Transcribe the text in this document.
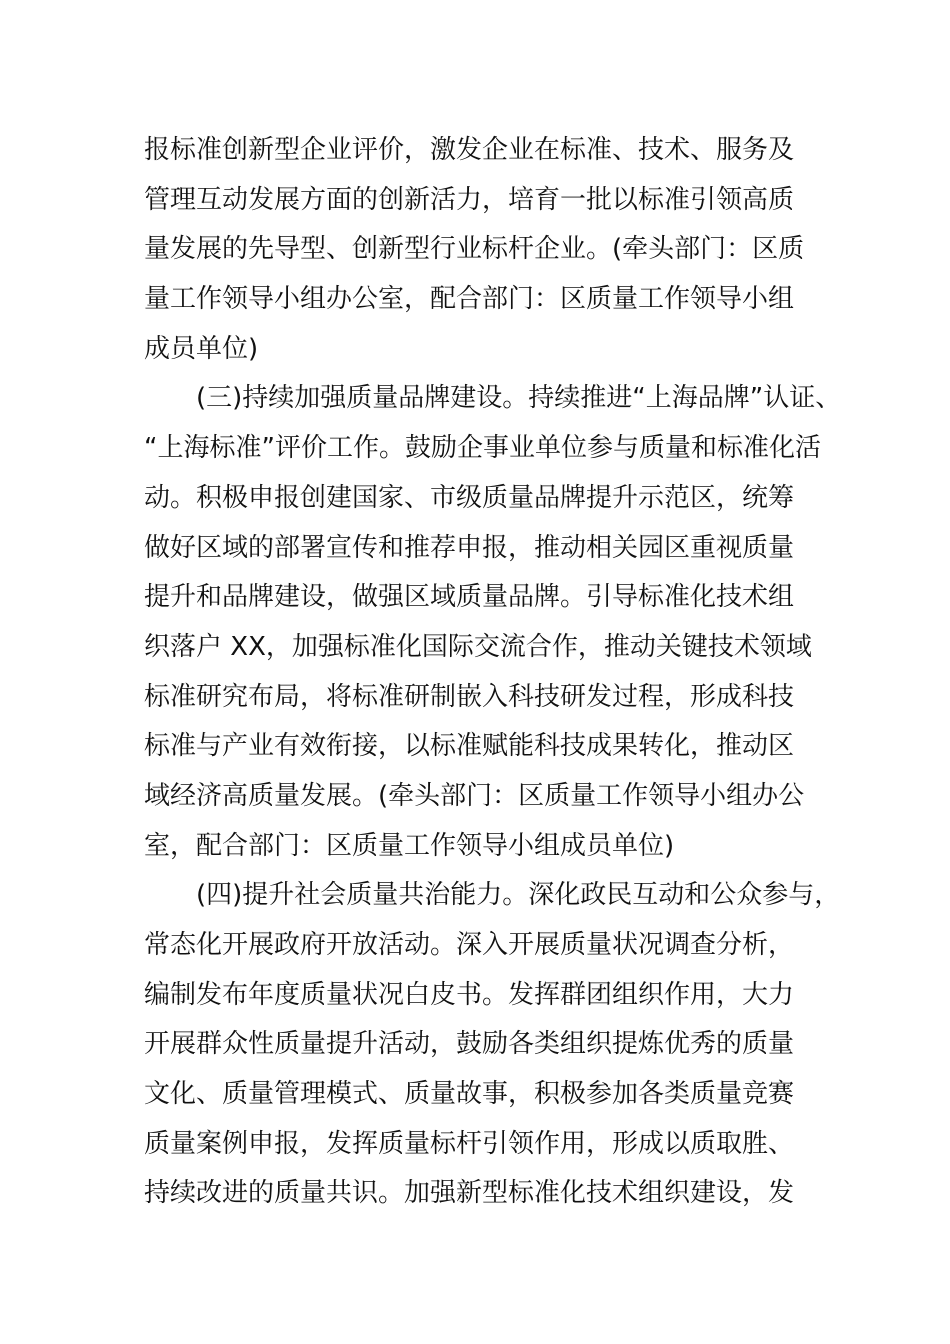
报标准创新型企业评价，激发企业在标准、技术、服务及
管理互动发展方面的创新活力，培育一批以标准引领高质
量发展的先导型、创新型行业标杆企业。(牵头部门：区质
量工作领导小组办公室，配合部门：区质量工作领导小组
成员单位)
　　(三)持续加强质量品牌建设。持续推进“上海品牌”认证、
“上海标准”评价工作。鼓励企事业单位参与质量和标准化活
动。积极申报创建国家、市级质量品牌提升示范区，统筹
做好区域的部署宣传和推荐申报，推动相关园区重视质量
提升和品牌建设，做强区域质量品牌。引导标准化技术组
织落户 XX，加强标准化国际交流合作，推动关键技术领域
标准研究布局，将标准研制嵌入科技研发过程，形成科技
标准与产业有效衔接，以标准赋能科技成果转化，推动区
域经济高质量发展。(牵头部门：区质量工作领导小组办公
室，配合部门：区质量工作领导小组成员单位)
　　(四)提升社会质量共治能力。深化政民互动和公众参与，
常态化开展政府开放活动。深入开展质量状况调查分析，
编制发布年度质量状况白皮书。发挥群团组织作用，大力
开展群众性质量提升活动，鼓励各类组织提炼优秀的质量
文化、质量管理模式、质量故事，积极参加各类质量竞赛
质量案例申报，发挥质量标杆引领作用，形成以质取胜、
持续改进的质量共识。加强新型标准化技术组织建设，发
